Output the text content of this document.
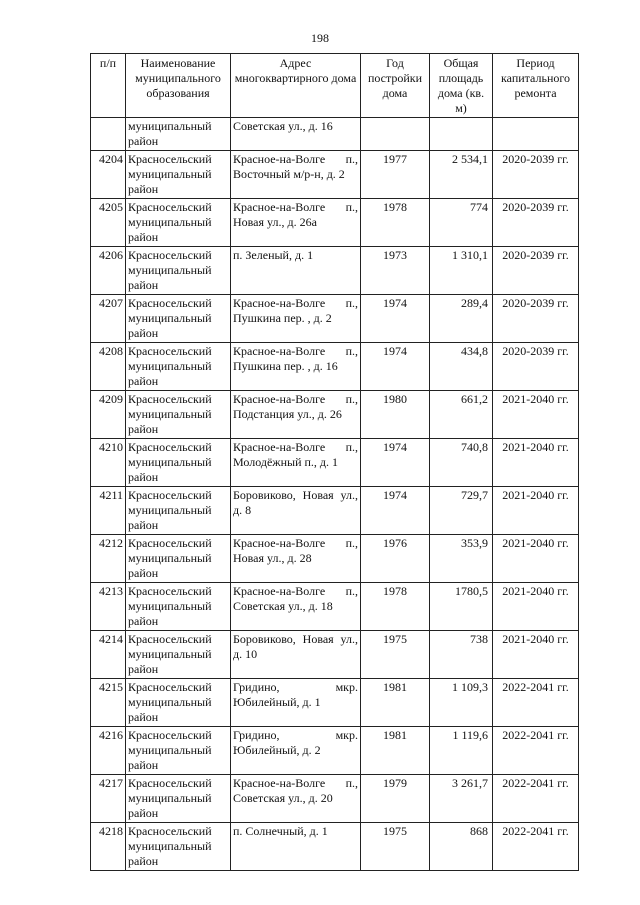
198
п/п	Наименование муниципального образования	Адрес многоквартирного дома	Год постройки дома	Общая площадь дома (кв. м)	Период капитального ремонта
	муниципальный район	Советская ул., д. 16			
4204	Красносельский муниципальный район	Красное-на-Волге п., Восточный м/р-н, д. 2	1977	2 534,1	2020-2039 гг.
4205	Красносельский муниципальный район	Красное-на-Волге п., Новая ул., д. 26а	1978	774	2020-2039 гг.
4206	Красносельский муниципальный район	п. Зеленый, д. 1	1973	1 310,1	2020-2039 гг.
4207	Красносельский муниципальный район	Красное-на-Волге п., Пушкина пер. , д. 2	1974	289,4	2020-2039 гг.
4208	Красносельский муниципальный район	Красное-на-Волге п., Пушкина пер. , д. 16	1974	434,8	2020-2039 гг.
4209	Красносельский муниципальный район	Красное-на-Волге п., Подстанция ул., д. 26	1980	661,2	2021-2040 гг.
4210	Красносельский муниципальный район	Красное-на-Волге п., Молодёжный п., д. 1	1974	740,8	2021-2040 гг.
4211	Красносельский муниципальный район	Боровиково, Новая ул., д. 8	1974	729,7	2021-2040 гг.
4212	Красносельский муниципальный район	Красное-на-Волге п., Новая ул., д. 28	1976	353,9	2021-2040 гг.
4213	Красносельский муниципальный район	Красное-на-Волге п., Советская ул., д. 18	1978	1780,5	2021-2040 гг.
4214	Красносельский муниципальный район	Боровиково, Новая ул., д. 10	1975	738	2021-2040 гг.
4215	Красносельский муниципальный район	Гридино, мкр. Юбилейный, д. 1	1981	1 109,3	2022-2041 гг.
4216	Красносельский муниципальный район	Гридино, мкр. Юбилейный, д. 2	1981	1 119,6	2022-2041 гг.
4217	Красносельский муниципальный район	Красное-на-Волге п., Советская ул., д. 20	1979	3 261,7	2022-2041 гг.
4218	Красносельский муниципальный район	п. Солнечный, д. 1	1975	868	2022-2041 гг.
